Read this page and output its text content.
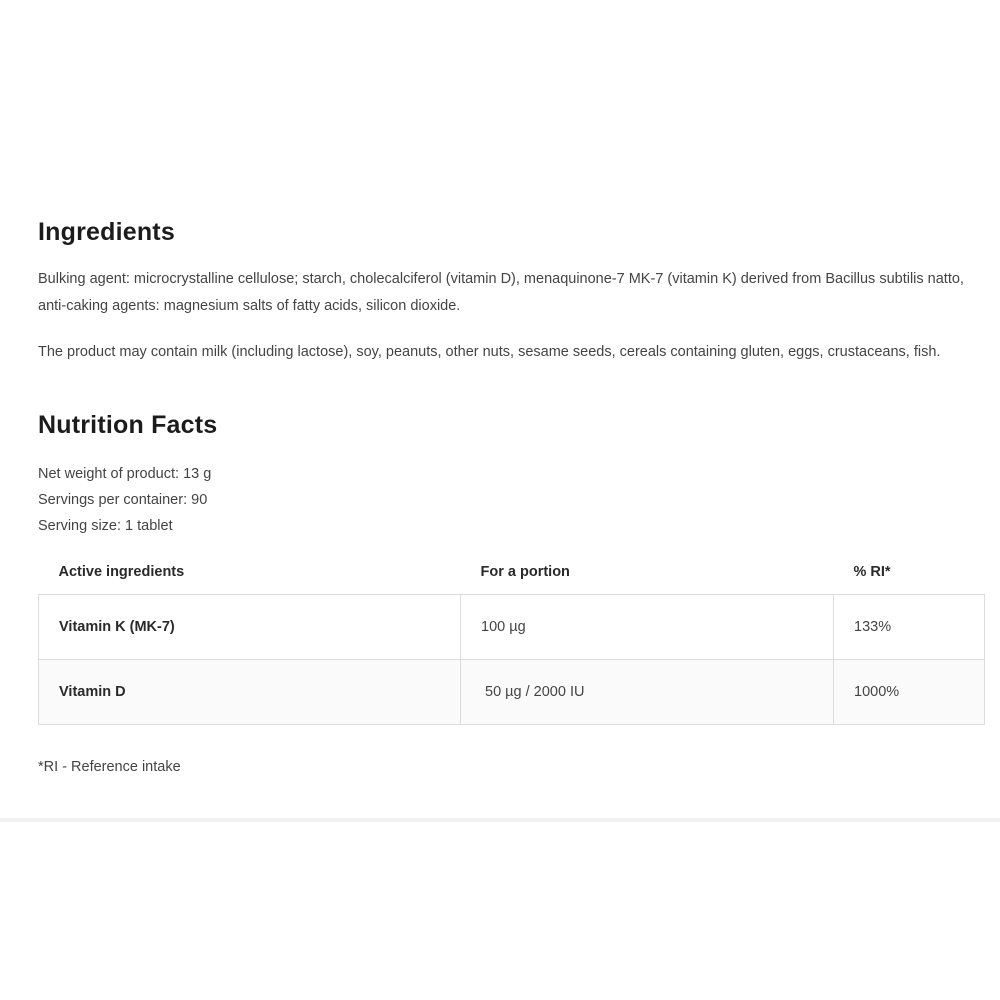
Ingredients

Bulking agent: microcrystalline cellulose; starch, cholecalciferol (vitamin D), menaquinone-7 MK-7 (vitamin K) derived from Bacillus subtilis natto, anti-caking agents: magnesium salts of fatty acids, silicon dioxide.

The product may contain milk (including lactose), soy, peanuts, other nuts, sesame seeds, cereals containing gluten, eggs, crustaceans, fish.

Nutrition Facts
Net weight of product: 13 g
Servings per container: 90
Serving size: 1 tablet
Active ingredients	For a portion	% RI*
Vitamin K (MK-7)	100 µg	133%
Vitamin D	50 µg / 2000 IU	1000%
*RI - Reference intake
